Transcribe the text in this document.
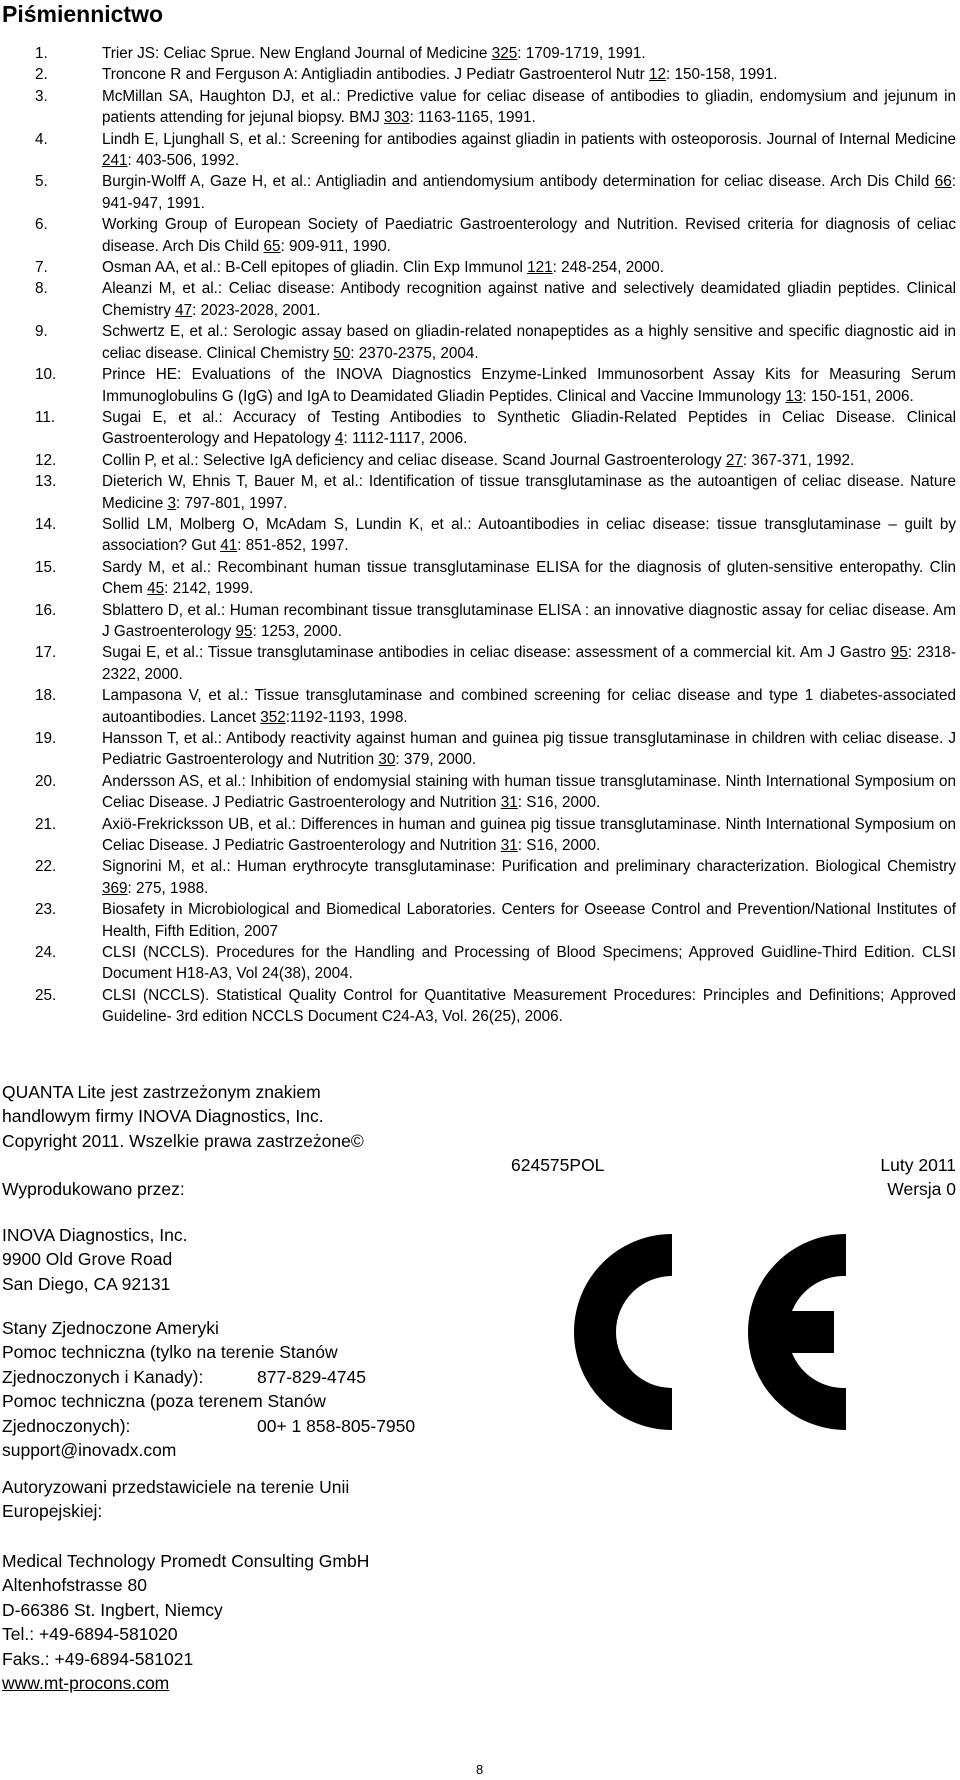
Piśmiennictwo
1.	Trier JS: Celiac Sprue. New England Journal of Medicine 325: 1709-1719, 1991.
2.	Troncone R and Ferguson A: Antigliadin antibodies. J Pediatr Gastroenterol Nutr 12: 150-158, 1991.
3.	McMillan SA, Haughton DJ, et al.: Predictive value for celiac disease of antibodies to gliadin, endomysium and jejunum in patients attending for jejunal biopsy. BMJ 303: 1163-1165, 1991.
4.	Lindh E, Ljunghall S, et al.: Screening for antibodies against gliadin in patients with osteoporosis. Journal of Internal Medicine 241: 403-506, 1992.
5.	Burgin-Wolff A, Gaze H, et al.: Antigliadin and antiendomysium antibody determination for celiac disease. Arch Dis Child 66: 941-947, 1991.
6.	Working Group of European Society of Paediatric Gastroenterology and Nutrition. Revised criteria for diagnosis of celiac disease. Arch Dis Child 65: 909-911, 1990.
7.	Osman AA, et al.: B-Cell epitopes of gliadin. Clin Exp Immunol 121: 248-254, 2000.
8.	Aleanzi M, et al.: Celiac disease: Antibody recognition against native and selectively deamidated gliadin peptides. Clinical Chemistry 47: 2023-2028, 2001.
9.	Schwertz E, et al.: Serologic assay based on gliadin-related nonapeptides as a highly sensitive and specific diagnostic aid in celiac disease. Clinical Chemistry 50: 2370-2375, 2004.
10.	Prince HE: Evaluations of the INOVA Diagnostics Enzyme-Linked Immunosorbent Assay Kits for Measuring Serum Immunoglobulins G (IgG) and IgA to Deamidated Gliadin Peptides. Clinical and Vaccine Immunology 13: 150-151, 2006.
11.	Sugai E, et al.: Accuracy of Testing Antibodies to Synthetic Gliadin-Related Peptides in Celiac Disease. Clinical Gastroenterology and Hepatology 4: 1112-1117, 2006.
12.	Collin P, et al.: Selective IgA deficiency and celiac disease. Scand Journal Gastroenterology 27: 367-371, 1992.
13.	Dieterich W, Ehnis T, Bauer M, et al.: Identification of tissue transglutaminase as the autoantigen of celiac disease. Nature Medicine 3: 797-801, 1997.
14.	Sollid LM, Molberg O, McAdam S, Lundin K, et al.: Autoantibodies in celiac disease: tissue transglutaminase – guilt by association? Gut 41: 851-852, 1997.
15.	Sardy M, et al.: Recombinant human tissue transglutaminase ELISA for the diagnosis of gluten-sensitive enteropathy. Clin Chem 45: 2142, 1999.
16.	Sblattero D, et al.: Human recombinant tissue transglutaminase ELISA : an innovative diagnostic assay for celiac disease. Am J Gastroenterology 95: 1253, 2000.
17.	Sugai E, et al.: Tissue transglutaminase antibodies in celiac disease: assessment of a commercial kit. Am J Gastro 95: 2318-2322, 2000.
18.	Lampasona V, et al.: Tissue transglutaminase and combined screening for celiac disease and type 1 diabetes-associated autoantibodies. Lancet 352:1192-1193, 1998.
19.	Hansson T, et al.: Antibody reactivity against human and guinea pig tissue transglutaminase in children with celiac disease. J Pediatric Gastroenterology and Nutrition 30: 379, 2000.
20.	Andersson AS, et al.: Inhibition of endomysial staining with human tissue transglutaminase. Ninth International Symposium on Celiac Disease. J Pediatric Gastroenterology and Nutrition 31: S16, 2000.
21.	Axiö-Frekricksson UB, et al.: Differences in human and guinea pig tissue transglutaminase. Ninth International Symposium on Celiac Disease. J Pediatric Gastroenterology and Nutrition 31: S16, 2000.
22.	Signorini M, et al.: Human erythrocyte transglutaminase: Purification and preliminary characterization. Biological Chemistry 369: 275, 1988.
23.	Biosafety in Microbiological and Biomedical Laboratories. Centers for Oseease Control and Prevention/National Institutes of Health, Fifth Edition, 2007
24.	CLSI (NCCLS). Procedures for the Handling and Processing of Blood Specimens; Approved Guidline-Third Edition. CLSI Document H18-A3, Vol 24(38), 2004.
25.	CLSI (NCCLS). Statistical Quality Control for Quantitative Measurement Procedures: Principles and Definitions; Approved Guideline- 3rd edition NCCLS Document C24-A3, Vol. 26(25), 2006.
QUANTA Lite jest zastrzeżonym znakiem
handlowym firmy INOVA Diagnostics, Inc.
Copyright 2011. Wszelkie prawa zastrzeżone©
624575POL	Luty 2011
Wyprodukowano przez:	Wersja 0
INOVA Diagnostics, Inc.
9900 Old Grove Road
San Diego, CA 92131
Stany Zjednoczone Ameryki
Pomoc techniczna (tylko na terenie Stanów
Zjednoczonych i Kanady):	877-829-4745
Pomoc techniczna (poza terenem Stanów
Zjednoczonych):	00+ 1 858-805-7950
support@inovadx.com
Autoryzowani przedstawiciele na terenie Unii
Europejskiej:
Medical Technology Promedt Consulting GmbH
Altenhofstrasse 80
D-66386 St. Ingbert, Niemcy
Tel.: +49-6894-581020
Faks.: +49-6894-581021
www.mt-procons.com
8
